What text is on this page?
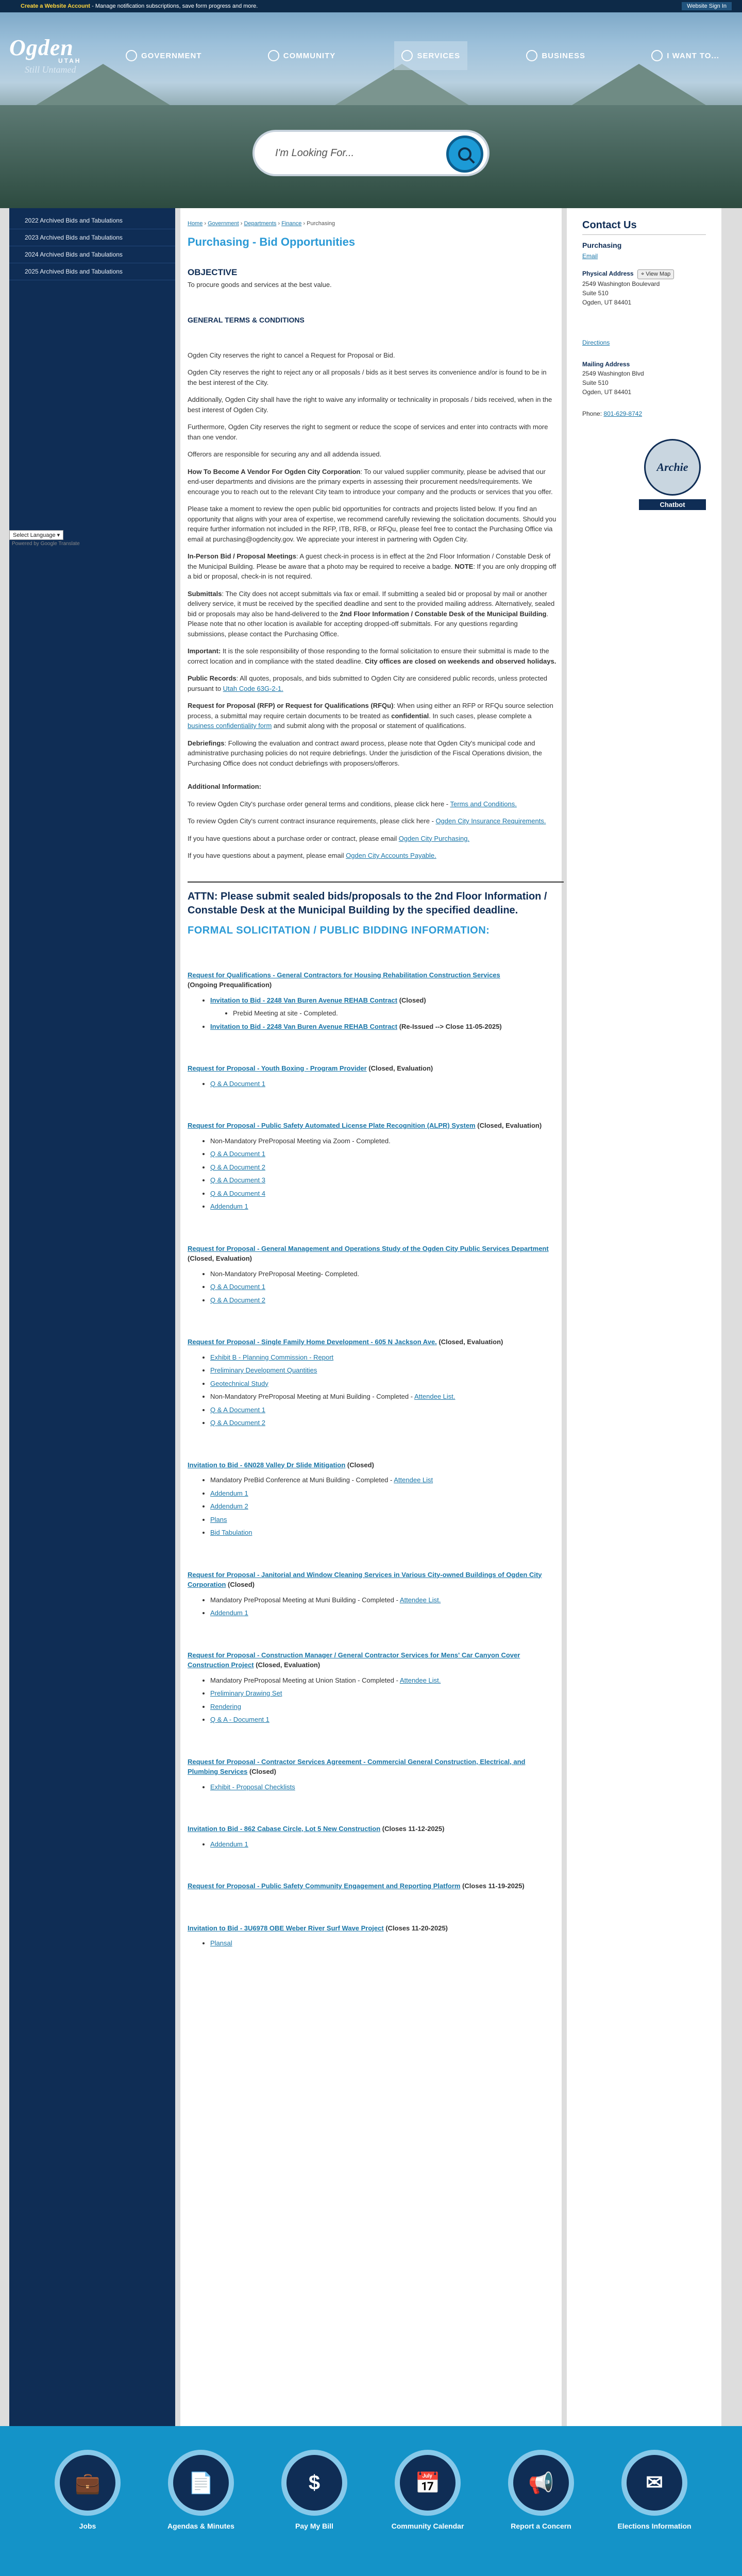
Create a Website Account - Manage notification subscriptions, save form progress and more.	Website Sign In
Ogden
UTAH
Still Untamed
GOVERNMENT	COMMUNITY	SERVICES	BUSINESS	I WANT TO...
I'm Looking For...
2022 Archived Bids and Tabulations
2023 Archived Bids and Tabulations
2024 Archived Bids and Tabulations
2025 Archived Bids and Tabulations
Select Language ▾
Powered by Google Translate
Home › Government › Departments › Finance › Purchasing
Purchasing - Bid Opportunities
OBJECTIVE

To procure goods and services at the best value.

GENERAL TERMS & CONDITIONS

Ogden City reserves the right to cancel a Request for Proposal or Bid.

Ogden City reserves the right to reject any or all proposals / bids as it best serves its convenience and/or is found to be in the best interest of the City.

Additionally, Ogden City shall have the right to waive any informality or technicality in proposals / bids received, when in the best interest of Ogden City.

Furthermore, Ogden City reserves the right to segment or reduce the scope of services and enter into contracts with more than one vendor.

Offerors are responsible for securing any and all addenda issued.

How To Become A Vendor For Ogden City Corporation: To our valued supplier community, please be advised that our end-user departments and divisions are the primary experts in assessing their procurement needs/requirements. We encourage you to reach out to the relevant City team to introduce your company and the products or services that you offer.

Please take a moment to review the open public bid opportunities for contracts and projects listed below. If you find an opportunity that aligns with your area of expertise, we recommend carefully reviewing the solicitation documents. Should you require further information not included in the RFP, ITB, RFB, or RFQu, please feel free to contact the Purchasing Office via email at purchasing@ogdencity.gov. We appreciate your interest in partnering with Ogden City.

In-Person Bid / Proposal Meetings: A guest check-in process is in effect at the 2nd Floor Information / Constable Desk of the Municipal Building. Please be aware that a photo may be required to receive a badge. NOTE: If you are only dropping off a bid or proposal, check-in is not required.

Submittals: The City does not accept submittals via fax or email. If submitting a sealed bid or proposal by mail or another delivery service, it must be received by the specified deadline and sent to the provided mailing address. Alternatively, sealed bid or proposals may also be hand-delivered to the 2nd Floor Information / Constable Desk of the Municipal Building. Please note that no other location is available for accepting dropped-off submittals. For any questions regarding submissions, please contact the Purchasing Office.

Important: It is the sole responsibility of those responding to the formal solicitation to ensure their submittal is made to the correct location and in compliance with the stated deadline. City offices are closed on weekends and observed holidays.

Public Records: All quotes, proposals, and bids submitted to Ogden City are considered public records, unless protected pursuant to Utah Code 63G-2-1.

Request for Proposal (RFP) or Request for Qualifications (RFQu): When using either an RFP or RFQu source selection process, a submittal may require certain documents to be treated as confidential. In such cases, please complete a business confidentiality form and submit along with the proposal or statement of qualifications.

Debriefings: Following the evaluation and contract award process, please note that Ogden City's municipal code and administrative purchasing policies do not require debriefings. Under the jurisdiction of the Fiscal Operations division, the Purchasing Office does not conduct debriefings with proposers/offerors.

Additional Information:

To review Ogden City's purchase order general terms and conditions, please click here - Terms and Conditions.

To review Ogden City's current contract insurance requirements, please click here - Ogden City Insurance Requirements.

If you have questions about a purchase order or contract, please email Ogden City Purchasing.

If you have questions about a payment, please email Ogden City Accounts Payable.

ATTN: Please submit sealed bids/proposals to the 2nd Floor Information / Constable Desk at the Municipal Building by the specified deadline.
FORMAL SOLICITATION / PUBLIC BIDDING INFORMATION:
Request for Qualifications - General Contractors for Housing Rehabilitation Construction Services
(Ongoing Prequalification)
• Invitation to Bid - 2248 Van Buren Avenue REHAB Contract (Closed)
• Prebid Meeting at site - Completed.
• Invitation to Bid - 2248 Van Buren Avenue REHAB Contract (Re-Issued --> Close 11-05-2025)
Request for Proposal - Youth Boxing - Program Provider (Closed, Evaluation)
• Q & A Document 1
Request for Proposal - Public Safety Automated License Plate Recognition (ALPR) System (Closed, Evaluation)
• Non-Mandatory PreProposal Meeting via Zoom - Completed.
• Q & A Document 1
• Q & A Document 2
• Q & A Document 3
• Q & A Document 4
• Addendum 1
Request for Proposal - General Management and Operations Study of the Ogden City Public Services Department (Closed, Evaluation)
• Non-Mandatory PreProposal Meeting- Completed.
• Q & A Document 1
• Q & A Document 2
Request for Proposal - Single Family Home Development - 605 N Jackson Ave. (Closed, Evaluation)
• Exhibit B - Planning Commission - Report
• Preliminary Development Quantities
• Geotechnical Study
• Non-Mandatory PreProposal Meeting at Muni Building - Completed - Attendee List.
• Q & A Document 1
• Q & A Document 2
Invitation to Bid - 6N028 Valley Dr Slide Mitigation (Closed)
• Mandatory PreBid Conference at Muni Building - Completed - Attendee List
• Addendum 1
• Addendum 2
• Plans
• Bid Tabulation
Request for Proposal - Janitorial and Window Cleaning Services in Various City-owned Buildings of Ogden City Corporation (Closed)
• Mandatory PreProposal Meeting at Muni Building - Completed - Attendee List.
• Addendum 1
Request for Proposal - Construction Manager / General Contractor Services for Mens' Car Canyon Cover Construction Project (Closed, Evaluation)
• Mandatory PreProposal Meeting at Union Station - Completed - Attendee List.
• Preliminary Drawing Set
• Rendering
• Q & A - Document 1
Request for Proposal - Contractor Services Agreement - Commercial General Construction, Electrical, and Plumbing Services (Closed)
• Exhibit - Proposal Checklists
Invitation to Bid - 862 Cabase Circle, Lot 5 New Construction (Closes 11-12-2025)
• Addendum 1
Request for Proposal - Public Safety Community Engagement and Reporting Platform (Closes 11-19-2025)
Invitation to Bid - 3U6978 OBE Weber River Surf Wave Project (Closes 11-20-2025)
• Plansal
Contact Us
Purchasing
Email
Physical Address ⌖ View Map
2549 Washington Boulevard
Suite 510
Ogden, UT 84401
Directions
Mailing Address
2549 Washington Blvd
Suite 510
Ogden, UT 84401
Phone: 801-629-8742
Archie
Chatbot
💼
Jobs
📄
Agendas & Minutes
$
Pay My Bill
📅
Community Calendar
📢
Report a Concern
✉
Elections Information
